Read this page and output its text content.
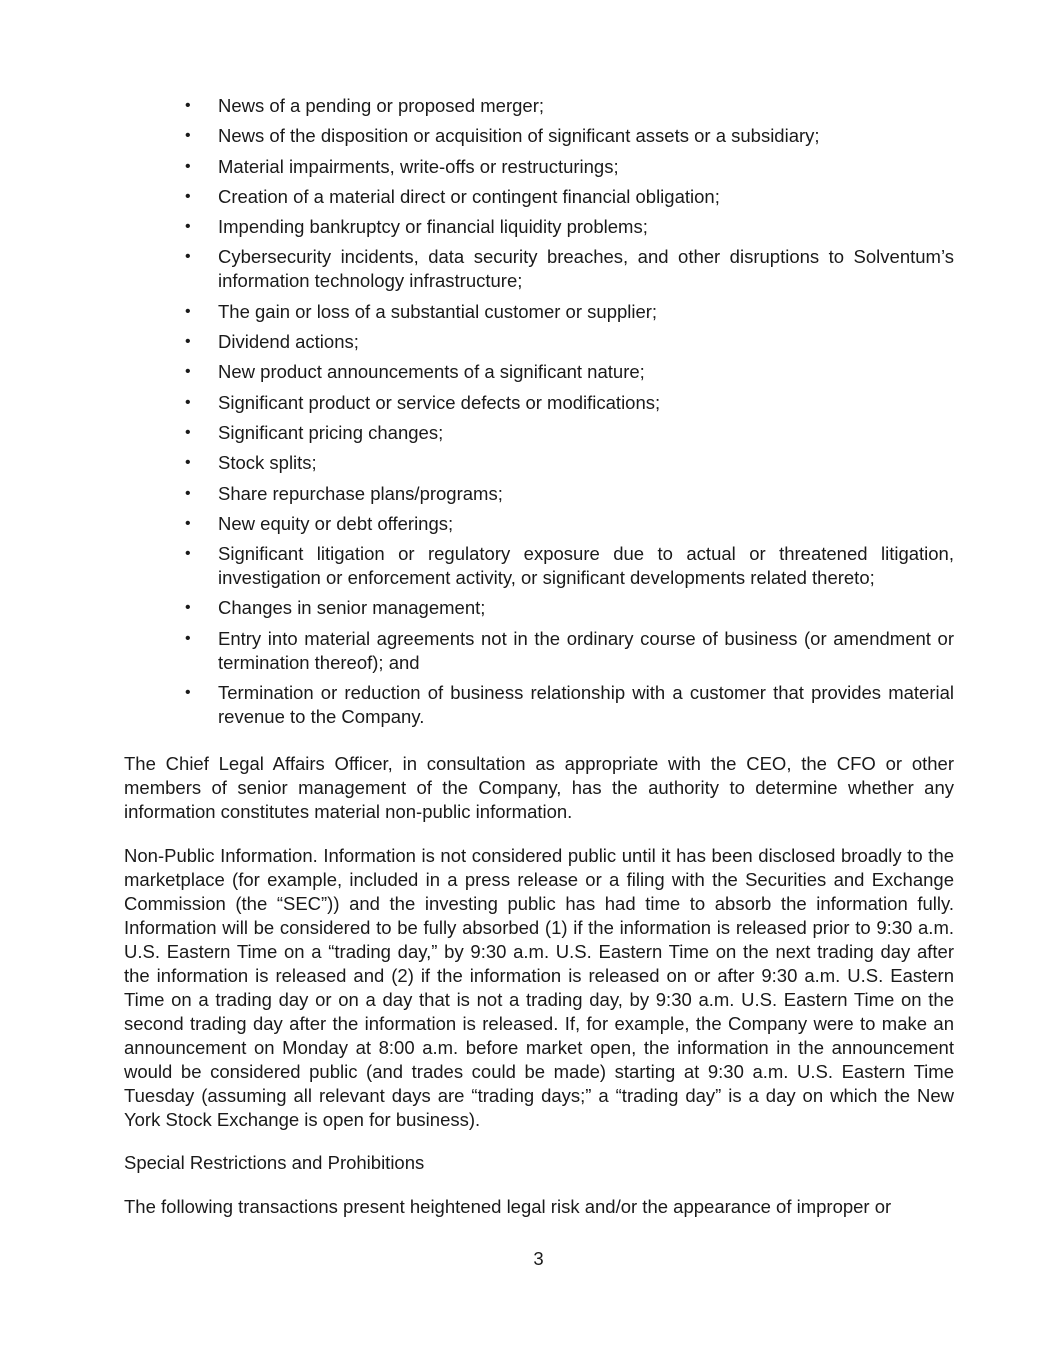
• News of a pending or proposed merger;
• News of the disposition or acquisition of significant assets or a subsidiary;
• Material impairments, write-offs or restructurings;
• Creation of a material direct or contingent financial obligation;
• Impending bankruptcy or financial liquidity problems;
• Cybersecurity incidents, data security breaches, and other disruptions to Solventum’s information technology infrastructure;
• The gain or loss of a substantial customer or supplier;
• Dividend actions;
• New product announcements of a significant nature;
• Significant product or service defects or modifications;
• Significant pricing changes;
• Stock splits;
• Share repurchase plans/programs;
• New equity or debt offerings;
• Significant litigation or regulatory exposure due to actual or threatened litigation, investigation or enforcement activity, or significant developments related thereto;
• Changes in senior management;
• Entry into material agreements not in the ordinary course of business (or amendment or termination thereof); and
• Termination or reduction of business relationship with a customer that provides material revenue to the Company.

The Chief Legal Affairs Officer, in consultation as appropriate with the CEO, the CFO or other members of senior management of the Company, has the authority to determine whether any information constitutes material non-public information.

Non-Public Information. Information is not considered public until it has been disclosed broadly to the marketplace (for example, included in a press release or a filing with the Securities and Exchange Commission (the “SEC”)) and the investing public has had time to absorb the information fully. Information will be considered to be fully absorbed (1) if the information is released prior to 9:30 a.m. U.S. Eastern Time on a “trading day,” by 9:30 a.m. U.S. Eastern Time on the next trading day after the information is released and (2) if the information is released on or after 9:30 a.m. U.S. Eastern Time on a trading day or on a day that is not a trading day, by 9:30 a.m. U.S. Eastern Time on the second trading day after the information is released. If, for example, the Company were to make an announcement on Monday at 8:00 a.m. before market open, the information in the announcement would be considered public (and trades could be made) starting at 9:30 a.m. U.S. Eastern Time Tuesday (assuming all relevant days are “trading days;” a “trading day” is a day on which the New York Stock Exchange is open for business).

Special Restrictions and Prohibitions

The following transactions present heightened legal risk and/or the appearance of improper or

3
